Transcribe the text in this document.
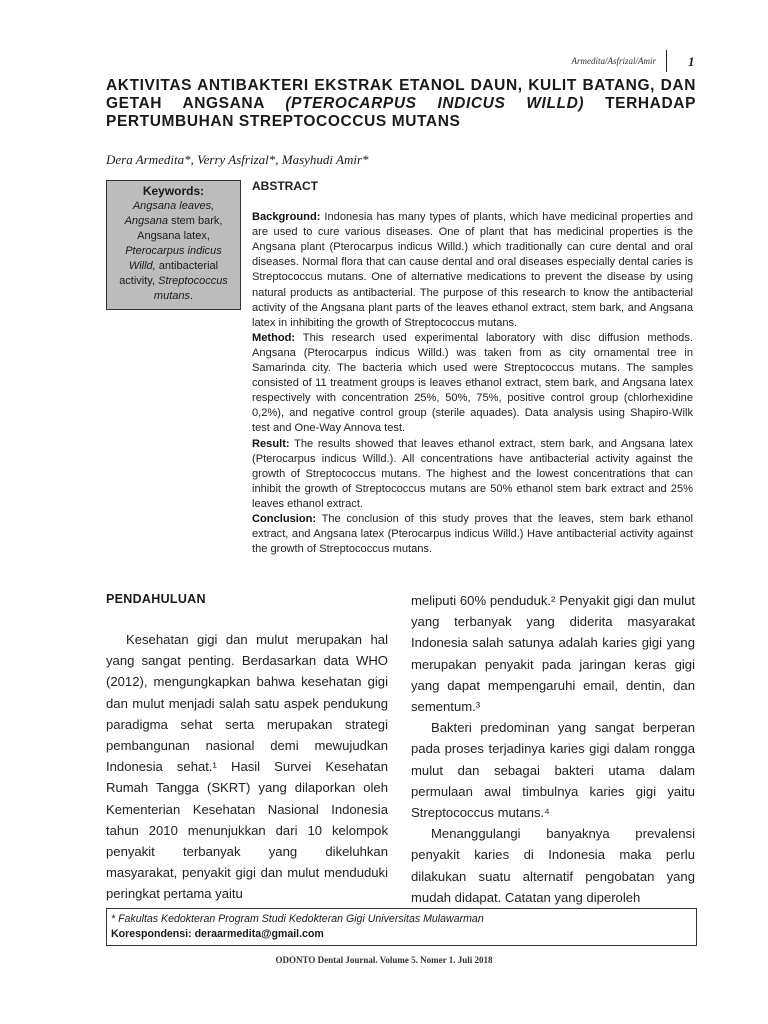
Armedita/Asfrizal/Amir 1
AKTIVITAS ANTIBAKTERI EKSTRAK ETANOL DAUN, KULIT BATANG, DAN GETAH ANGSANA (PTEROCARPUS INDICUS WILLD) TERHADAP PERTUMBUHAN STREPTOCOCCUS MUTANS
Dera Armedita*, Verry Asfrizal*, Masyhudi Amir*
Keywords:
Angsana leaves,
Angsana stem bark,
Angsana latex,
Pterocarpus indicus Willd, antibacterial activity, Streptococcus mutans.
ABSTRACT

Background: Indonesia has many types of plants, which have medicinal properties and are used to cure various diseases. One of plant that has medicinal properties is the Angsana plant (Pterocarpus indicus Willd.) which traditionally can cure dental and oral diseases. Normal flora that can cause dental and oral diseases especially dental caries is Streptococcus mutans. One of alternative medications to prevent the disease by using natural products as antibacterial. The purpose of this research to know the antibacterial activity of the Angsana plant parts of the leaves ethanol extract, stem bark, and Angsana latex in inhibiting the growth of Streptococcus mutans.

Method: This research used experimental laboratory with disc diffusion methods. Angsana (Pterocarpus indicus Willd.) was taken from as city ornamental tree in Samarinda city. The bacteria which used were Streptococcus mutans. The samples consisted of 11 treatment groups is leaves ethanol extract, stem bark, and Angsana latex respectively with concentration 25%, 50%, 75%, positive control group (chlorhexidine 0,2%), and negative control group (sterile aquades). Data analysis using Shapiro-Wilk test and One-Way Annova test.

Result: The results showed that leaves ethanol extract, stem bark, and Angsana latex (Pterocarpus indicus Willd.). All concentrations have antibacterial activity against the growth of Streptococcus mutans. The highest and the lowest concentrations that can inhibit the growth of Streptococcus mutans are 50% ethanol stem bark extract and 25% leaves ethanol extract.

Conclusion: The conclusion of this study proves that the leaves, stem bark ethanol extract, and Angsana latex (Pterocarpus indicus Willd.) Have antibacterial activity against the growth of Streptococcus mutans.

PENDAHULUAN

Kesehatan gigi dan mulut merupakan hal yang sangat penting. Berdasarkan data WHO (2012), mengungkapkan bahwa kesehatan gigi dan mulut menjadi salah satu aspek pendukung paradigma sehat serta merupakan strategi pembangunan nasional demi mewujudkan Indonesia sehat.¹ Hasil Survei Kesehatan Rumah Tangga (SKRT) yang dilaporkan oleh Kementerian Kesehatan Nasional Indonesia tahun 2010 menunjukkan dari 10 kelompok penyakit terbanyak yang dikeluhkan masyarakat, penyakit gigi dan mulut menduduki peringkat pertama yaitu

meliputi 60% penduduk.² Penyakit gigi dan mulut yang terbanyak yang diderita masyarakat Indonesia salah satunya adalah karies gigi yang merupakan penyakit pada jaringan keras gigi yang dapat mempengaruhi email, dentin, dan sementum.³

Bakteri predominan yang sangat berperan pada proses terjadinya karies gigi dalam rongga mulut dan sebagai bakteri utama dalam permulaan awal timbulnya karies gigi yaitu Streptococcus mutans.⁴

Menanggulangi banyaknya prevalensi penyakit karies di Indonesia maka perlu dilakukan suatu alternatif pengobatan yang mudah didapat. Catatan yang diperoleh

* Fakultas Kedokteran Program Studi Kedokteran Gigi Universitas Mulawarman
Korespondensi: deraarmedita@gmail.com
ODONTO Dental Journal. Volume 5. Nomer 1. Juli 2018
